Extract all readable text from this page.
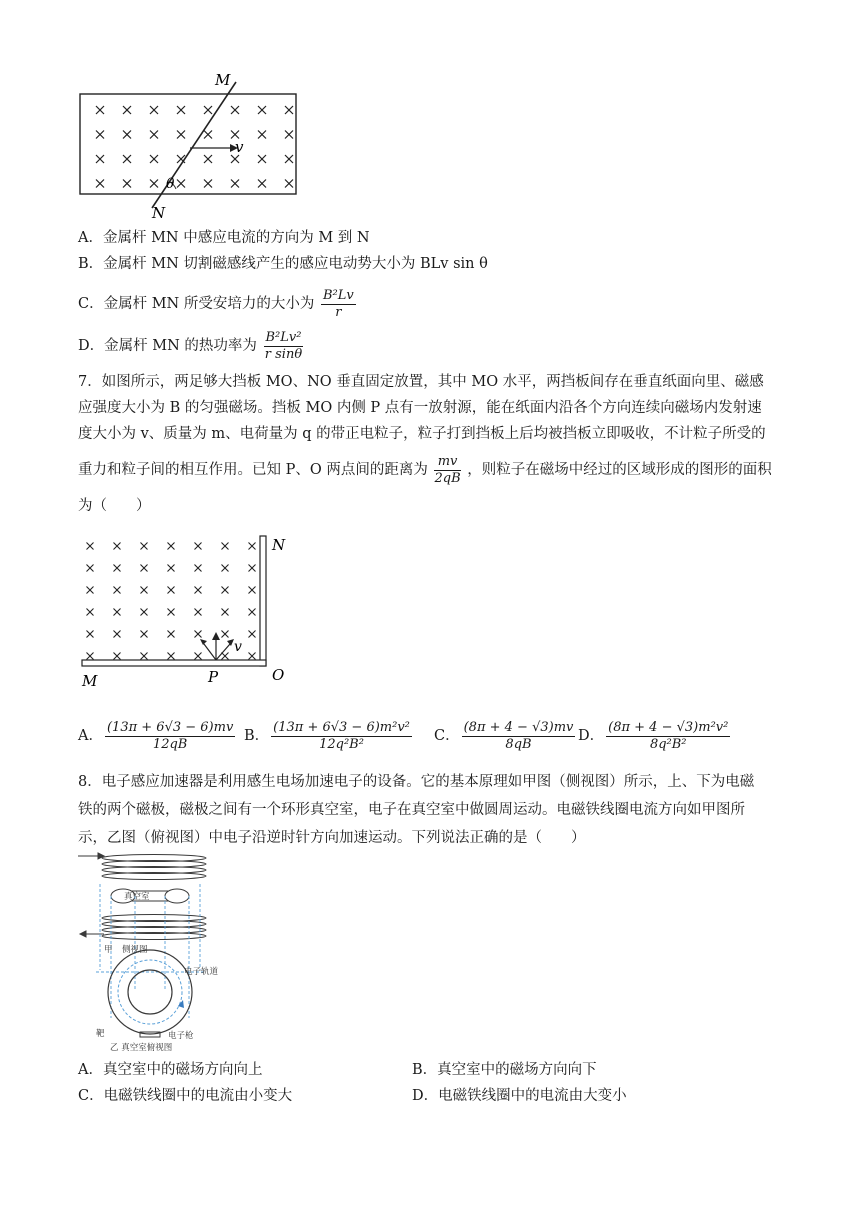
M
N
v
θ
A．金属杆 MN 中感应电流的方向为 M 到 N
B．金属杆 MN 切割磁感线产生的感应电动势大小为 BLv sin θ
C．金属杆 MN 所受安培力的大小为 $\frac{\text{B²Lv}}{r}$
D．金属杆 MN 的热功率为 $\frac{\text{B²Lv²}}{\text{r sinθ}}$
7．如图所示，两足够大挡板 MO、NO 垂直固定放置，其中 MO 水平，两挡板间存在垂直纸面向里、磁感
应强度大小为 B 的匀强磁场。挡板 MO 内侧 P 点有一放射源，能在纸面内沿各个方向连续向磁场内发射速
度大小为 v、质量为 m、电荷量为 q 的带正电粒子，粒子打到挡板上后均被挡板立即吸收，不计粒子所受的
重力和粒子间的相互作用。已知 P、O 两点间的距离为 $\frac{mv}{2qB}$ ，则粒子在磁场中经过的区域形成的图形的面积
为（　　）
v
N
O
M	P
A． $\frac{(13\pi + 6√3 - 6)mv}{12qB}$ B． $\frac{\text{(13π + 6√3 − 6)m²v²}}{\text{12q²B²}}$ C． $\frac{(8\pi + 4 - √3)mv}{8qB}$ D． $\frac{\text{(8π + 4 − √3)m²v²}}{\text{8q²B²}}$
8．电子感应加速器是利用感生电场加速电子的设备。它的基本原理如甲图（侧视图）所示，上、下为电磁
铁的两个磁极，磁极之间有一个环形真空室，电子在真空室中做圆周运动。电磁铁线圈电流方向如甲图所
示，乙图（俯视图）中电子沿逆时针方向加速运动。下列说法正确的是（　　）
真空室
甲 侧视图
电子轨道
靶	电子枪
乙 真空室俯视图
A．真空室中的磁场方向向上	B．真空室中的磁场方向向下
C．电磁铁线圈中的电流由小变大	D．电磁铁线圈中的电流由大变小
